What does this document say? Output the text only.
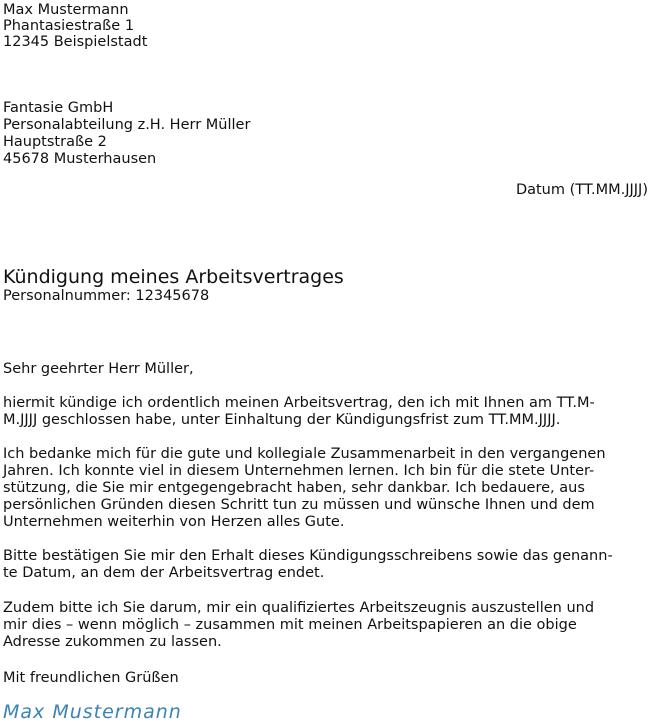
Max Mustermann

Phantasiestraße 1

12345 Beispielstadt

Fantasie GmbH

Personalabteilung z.H. Herr Müller

Hauptstraße 2

45678 Musterhausen

Datum (TT.MM.JJJJ)
Kündigung meines Arbeitsvertrages

Personalnummer: 12345678

Sehr geehrter Herr Müller,

hiermit kündige ich ordentlich meinen Arbeitsvertrag, den ich mit Ihnen am TT.M-
M.JJJJ geschlossen habe, unter Einhaltung der Kündigungsfrist zum TT.MM.JJJJ.
Ich bedanke mich für die gute und kollegiale Zusammenarbeit in den vergangenen
Jahren. Ich konnte viel in diesem Unternehmen lernen. Ich bin für die stete Unter-
stützung, die Sie mir entgegengebracht haben, sehr dankbar. Ich bedauere, aus
persönlichen Gründen diesen Schritt tun zu müssen und wünsche Ihnen und dem
Unternehmen weiterhin von Herzen alles Gute.
Bitte bestätigen Sie mir den Erhalt dieses Kündigungsschreibens sowie das genann-
te Datum, an dem der Arbeitsvertrag endet.
Zudem bitte ich Sie darum, mir ein qualifiziertes Arbeitszeugnis auszustellen und
mir dies – wenn möglich – zusammen mit meinen Arbeitspapieren an die obige
Adresse zukommen zu lassen.

Mit freundlichen Grüßen

Max Mustermann
